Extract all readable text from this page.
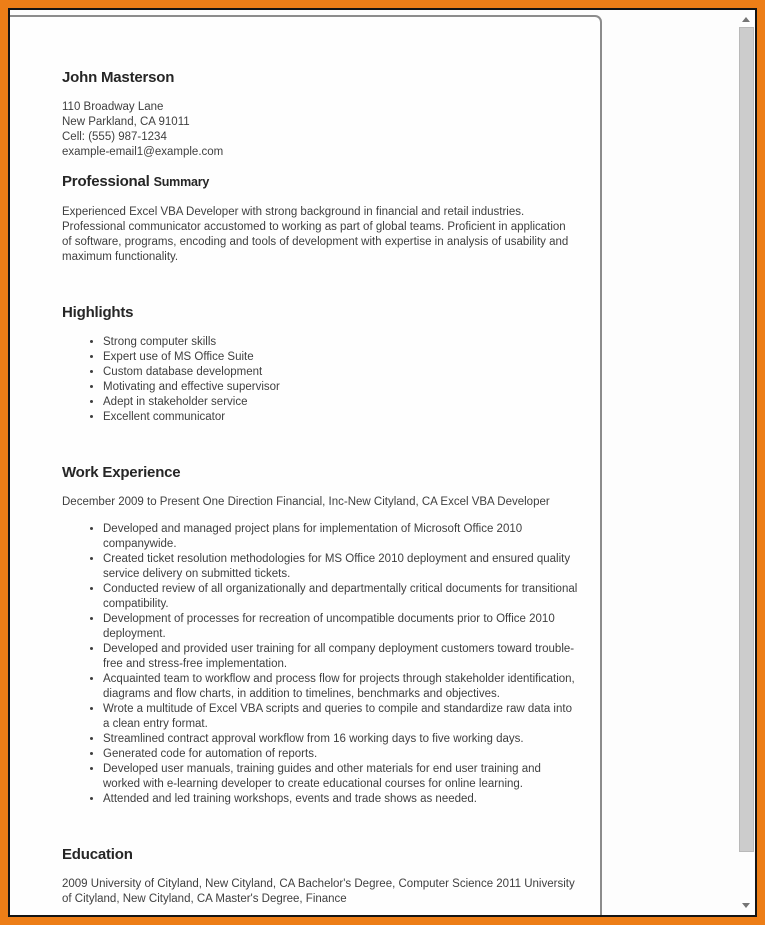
John Masterson
110 Broadway Lane
New Parkland, CA 91011
Cell: (555) 987-1234
example-email1@example.com
Professional Summary

Experienced Excel VBA Developer with strong background in financial and retail industries. Professional communicator accustomed to working as part of global teams. Proficient in application of software, programs, encoding and tools of development with expertise in analysis of usability and maximum functionality.

Highlights
• Strong computer skills
• Expert use of MS Office Suite
• Custom database development
• Motivating and effective supervisor
• Adept in stakeholder service
• Excellent communicator
Work Experience

December 2009 to Present One Direction Financial, Inc-New Cityland, CA Excel VBA Developer

• Developed and managed project plans for implementation of Microsoft Office 2010 companywide.
• Created ticket resolution methodologies for MS Office 2010 deployment and ensured quality service delivery on submitted tickets.
• Conducted review of all organizationally and departmentally critical documents for transitional compatibility.
• Development of processes for recreation of uncompatible documents prior to Office 2010 deployment.
• Developed and provided user training for all company deployment customers toward trouble-free and stress-free implementation.
• Acquainted team to workflow and process flow for projects through stakeholder identification, diagrams and flow charts, in addition to timelines, benchmarks and objectives.
• Wrote a multitude of Excel VBA scripts and queries to compile and standardize raw data into a clean entry format.
• Streamlined contract approval workflow from 16 working days to five working days.
• Generated code for automation of reports.
• Developed user manuals, training guides and other materials for end user training and worked with e-learning developer to create educational courses for online learning.
• Attended and led training workshops, events and trade shows as needed.
Education

2009 University of Cityland, New Cityland, CA Bachelor's Degree, Computer Science 2011 University of Cityland, New Cityland, CA Master's Degree, Finance
